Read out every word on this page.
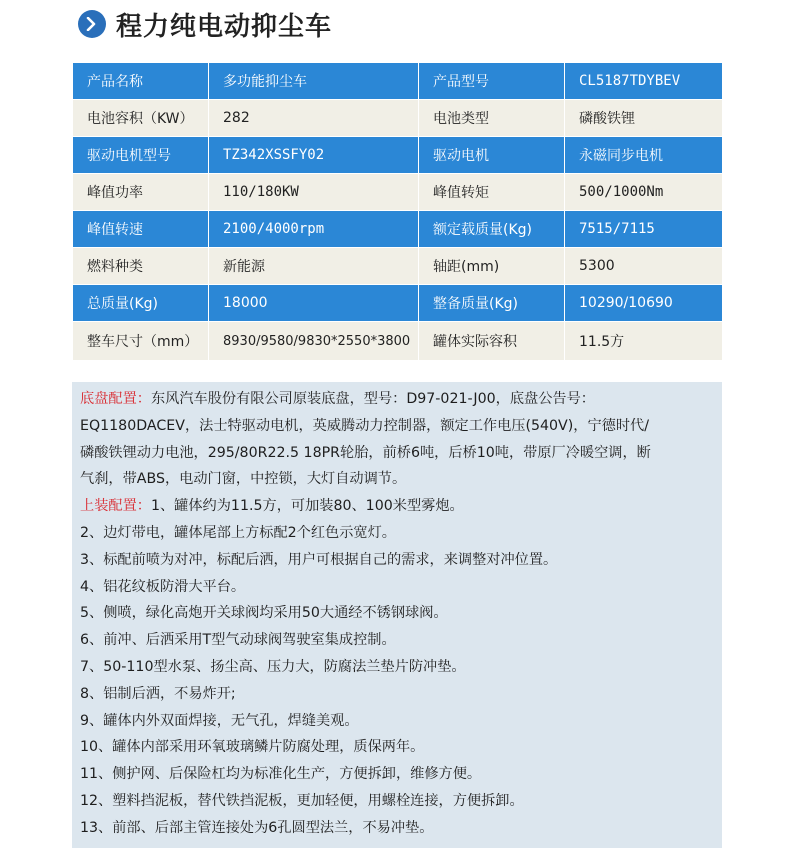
程力纯电动抑尘车
产品名称	多功能抑尘车	产品型号	CL5187TDYBEV
电池容积（KW）	282	电池类型	磷酸铁锂
驱动电机型号	TZ342XSSFY02	驱动电机	永磁同步电机
峰值功率	110/180KW	峰值转矩	500/1000Nm
峰值转速	2100/4000rpm	额定载质量(Kg)	7515/7115
燃料种类	新能源	轴距(mm)	5300
总质量(Kg)	18000	整备质量(Kg)	10290/10690
整车尺寸（mm）	8930/9580/9830*2550*3800	罐体实际容积	11.5方

底盘配置：东风汽车股份有限公司原装底盘，型号：D97-021-J00，底盘公告号：

EQ1180DACEV，法士特驱动电机，英威腾动力控制器，额定工作电压(540V)，宁德时代/

磷酸铁锂动力电池，295/80R22.5 18PR轮胎，前桥6吨，后桥10吨，带原厂冷暖空调，断

气刹，带ABS，电动门窗，中控锁，大灯自动调节。

上装配置：1、罐体约为11.5方，可加装80、100米型雾炮。

2、边灯带电，罐体尾部上方标配2个红色示宽灯。

3、标配前喷为对冲，标配后洒，用户可根据自己的需求，来调整对冲位置。

4、铝花纹板防滑大平台。

5、侧喷，绿化高炮开关球阀均采用50大通经不锈钢球阀。

6、前冲、后洒采用T型气动球阀驾驶室集成控制。

7、50-110型水泵、扬尘高、压力大，防腐法兰垫片防冲垫。

8、铝制后洒，不易炸开;

9、罐体内外双面焊接，无气孔，焊缝美观。

10、罐体内部采用环氧玻璃鳞片防腐处理，质保两年。

11、侧护网、后保险杠均为标准化生产，方便拆卸，维修方便。

12、塑料挡泥板，替代铁挡泥板，更加轻便，用螺栓连接，方便拆卸。

13、前部、后部主管连接处为6孔圆型法兰，不易冲垫。
